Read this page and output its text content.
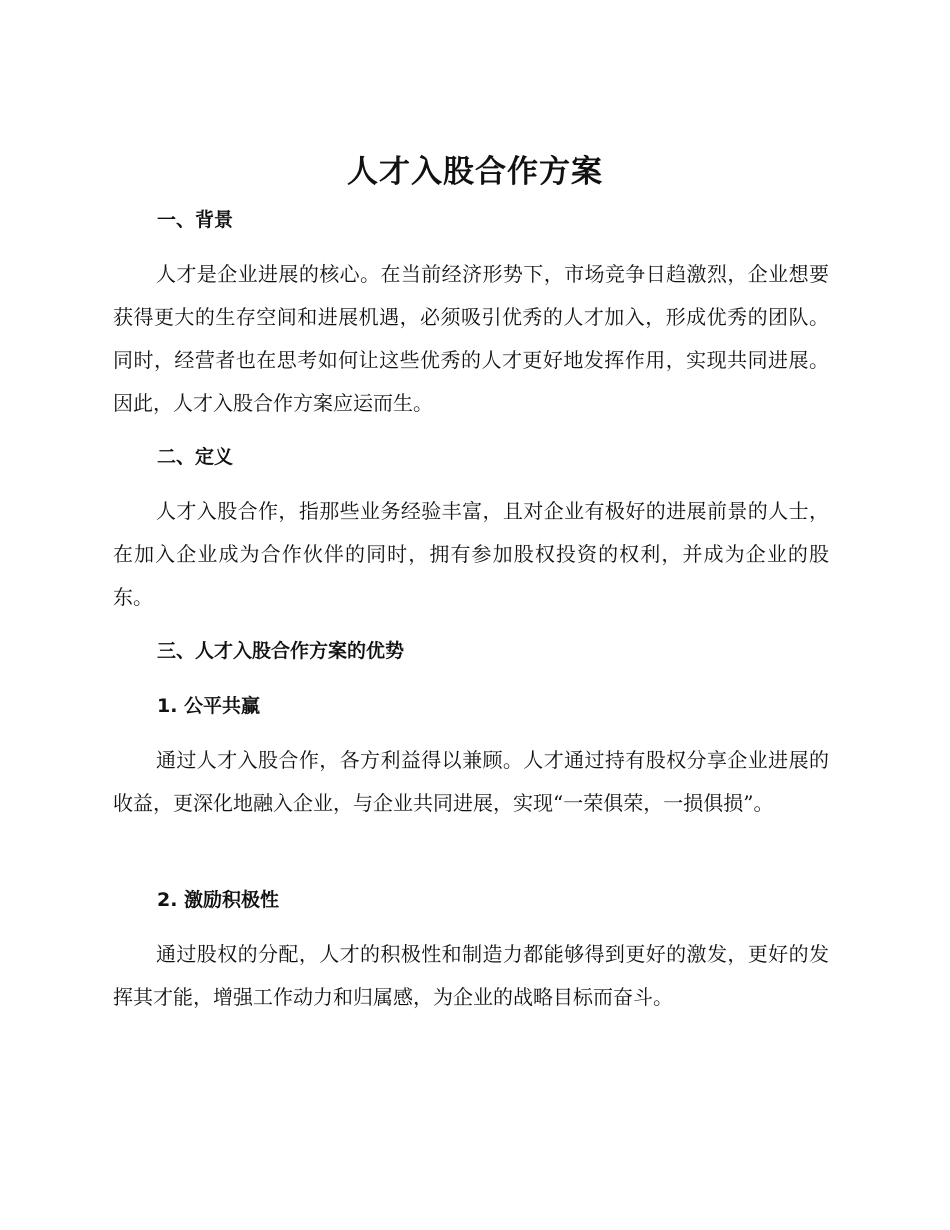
人才入股合作方案
一、背景

人才是企业进展的核心。在当前经济形势下，市场竞争日趋激烈，企业想要获得更大的生存空间和进展机遇，必须吸引优秀的人才加入，形成优秀的团队。同时，经营者也在思考如何让这些优秀的人才更好地发挥作用，实现共同进展。因此，人才入股合作方案应运而生。

二、定义

人才入股合作，指那些业务经验丰富，且对企业有极好的进展前景的人士，在加入企业成为合作伙伴的同时，拥有参加股权投资的权利，并成为企业的股东。

三、人才入股合作方案的优势
1. 公平共赢

通过人才入股合作，各方利益得以兼顾。人才通过持有股权分享企业进展的收益，更深化地融入企业，与企业共同进展，实现“一荣俱荣，一损俱损”。

2. 激励积极性

通过股权的分配，人才的积极性和制造力都能够得到更好的激发，更好的发挥其才能，增强工作动力和归属感，为企业的战略目标而奋斗。
